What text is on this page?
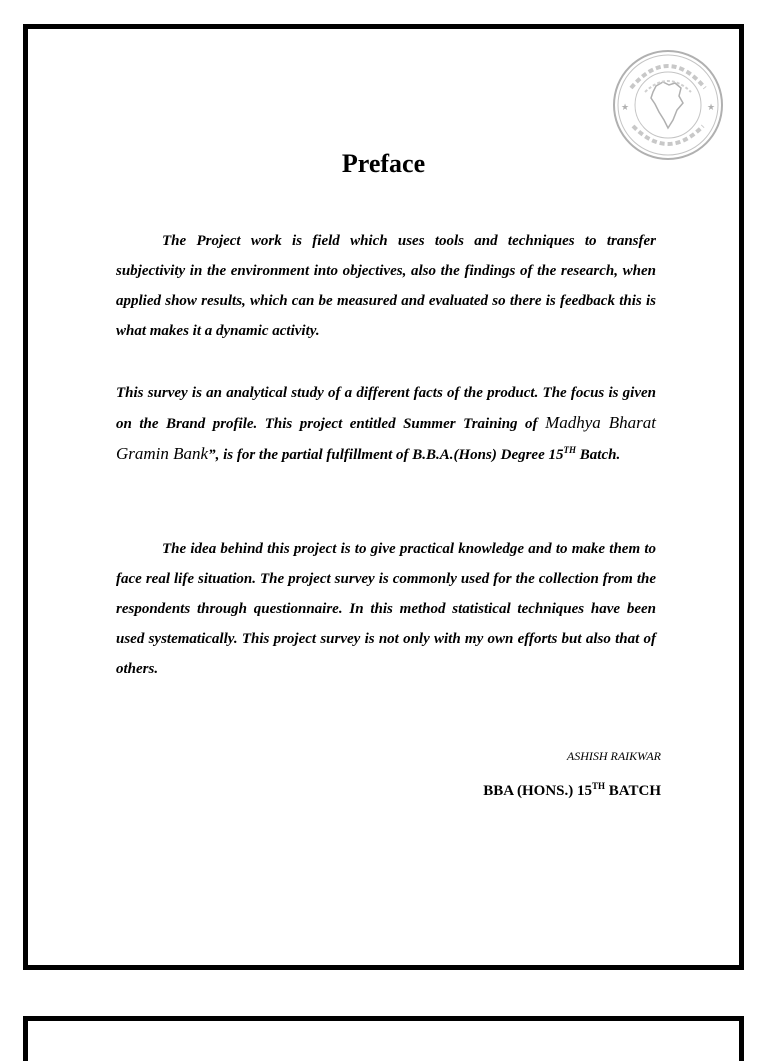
★	★
Preface

The Project work is field which uses tools and techniques to transfer subjectivity in the environment into objectives, also the findings of the research, when applied show results, which can be measured and evaluated so there is feedback this is what makes it a dynamic activity.

This survey is an analytical study of a different facts of the product. The focus is given on the Brand profile. This project entitled Summer Training of Madhya Bharat Gramin Bank”, is for the partial fulfillment of B.B.A.(Hons) Degree 15TH Batch.

The idea behind this project is to give practical knowledge and to make them to face real life situation. The project survey is commonly used for the collection from the respondents through questionnaire. In this method statistical techniques have been used systematically. This project survey is not only with my own efforts but also that of others.

ASHISH RAIKWAR

BBA (HONS.) 15TH BATCH
